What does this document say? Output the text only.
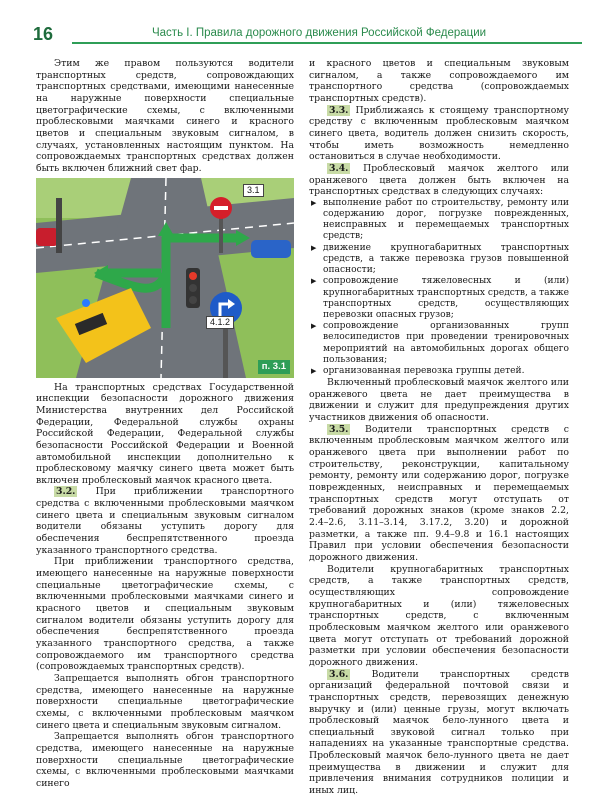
16	Часть I. Правила дорожного движения Российской Федерации

Этим же правом пользуются водители транспортных средств, сопровождающих транспортных средствами, имеющими нанесенные на наружные поверхности специальные цветографические схемы, с включенными проблесковыми маячками синего и красного цветов и специальным звуковым сигналом, в случаях, установленных настоящим пунктом. На сопровождаемых транспортных средствах должен быть включен ближний свет фар.

3.1
4.1.2
п. 3.1

На транспортных средствах Государственной инспекции безопасности дорожного движения Министерства внутренних дел Российской Федерации, Федеральной службы охраны Российской Федерации, Федеральной службы безопасности Российской Федерации и Военной автомобильной инспекции дополнительно к проблесковому маячку синего цвета может быть включен проблесковый маячок красного цвета.

3.2. При приближении транспортного средства с включенными проблесковыми маячком синего цвета и специальным звуковым сигналом водители обязаны уступить дорогу для обеспечения беспрепятственного проезда указанного транспортного средства.

При приближении транспортного средства, имеющего нанесенные на наружные поверхности специальные цветографические схемы, с включенными проблесковыми маячками синего и красного цветов и специальным звуковым сигналом водители обязаны уступить дорогу для обеспечения беспрепятственного проезда указанного транспортного средства, а также сопровождаемого им транспортного средства (сопровождаемых транспортных средств).

Запрещается выполнять обгон транспортного средства, имеющего нанесенные на наружные поверхности специальные цветографические схемы, с включенными проблесковым маячком синего цвета и специальным звуковым сигналом.

Запрещается выполнять обгон транспортного средства, имеющего нанесенные на наружные поверхности специальные цветографические схемы, с включенными проблесковыми маячками синего

и красного цветов и специальным звуковым сигналом, а также сопровождаемого им транспортного средства (сопровождаемых транспортных средств).

3.3. Приближаясь к стоящему транспортному средству с включенным проблесковым маячком синего цвета, водитель должен снизить скорость, чтобы иметь возможность немедленно остановиться в случае необходимости.

3.4. Проблесковый маячок желтого или оранжевого цвета должен быть включен на транспортных средствах в следующих случаях:

▶ выполнение работ по строительству, ремонту или содержанию дорог, погрузке поврежденных, неисправных и перемещаемых транспортных средств;
▶ движение крупногабаритных транспортных средств, а также перевозка грузов повышенной опасности;
▶ сопровождение тяжеловесных и (или) крупногабаритных транспортных средств, а также транспортных средств, осуществляющих перевозки опасных грузов;
▶ сопровождение организованных групп велосипедистов при проведении тренировочных мероприятий на автомобильных дорогах общего пользования;
▶ организованная перевозка группы детей.

Включенный проблесковый маячок желтого или оранжевого цвета не дает преимущества в движении и служит для предупреждения других участников движения об опасности.

3.5. Водители транспортных средств с включенным проблесковым маячком желтого или оранжевого цвета при выполнении работ по строительству, реконструкции, капитальному ремонту, ремонту или содержанию дорог, погрузке поврежденных, неисправных и перемещаемых транспортных средств могут отступать от требований дорожных знаков (кроме знаков 2.2, 2.4–2.6, 3.11–3.14, 3.17.2, 3.20) и дорожной разметки, а также пп. 9.4–9.8 и 16.1 настоящих Правил при условии обеспечения безопасности дорожного движения.

Водители крупногабаритных транспортных средств, а также транспортных средств, осуществляющих сопровождение крупногабаритных и (или) тяжеловесных транспортных средств, с включенным проблесковым маячком желтого или оранжевого цвета могут отступать от требований дорожной разметки при условии обеспечения безопасности дорожного движения.

3.6. Водители транспортных средств организаций федеральной почтовой связи и транспортных средств, перевозящих денежную выручку и (или) ценные грузы, могут включать проблесковый маячок бело-лунного цвета и специальный звуковой сигнал только при нападениях на указанные транспортные средства. Проблесковый маячок бело-лунного цвета не дает преимущества в движении и служит для привлечения внимания сотрудников полиции и иных лиц.
